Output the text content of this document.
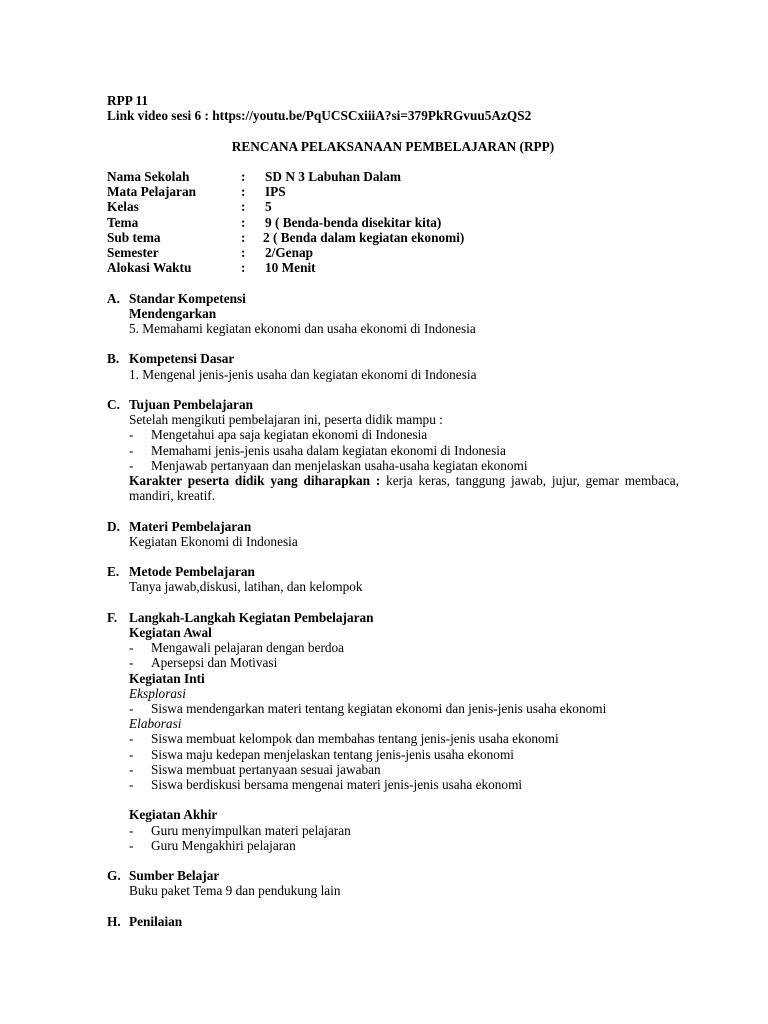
RPP 11
Link video sesi 6 : https://youtu.be/PqUCSCxiiiA?si=379PkRGvuu5AzQS2
RENCANA PELAKSANAAN PEMBELAJARAN (RPP)
Nama Sekolah	:	SD N 3 Labuhan Dalam
Mata Pelajaran	:	IPS
Kelas	:	5
Tema	:	9 ( Benda-benda disekitar kita)
Sub tema	:	2 ( Benda dalam kegiatan ekonomi)
Semester	:	2/Genap
Alokasi Waktu	:	10 Menit
A. Standar Kompetensi
Mendengarkan
5. Memahami kegiatan ekonomi dan usaha ekonomi di Indonesia
B. Kompetensi Dasar
1. Mengenal jenis-jenis usaha dan kegiatan ekonomi di Indonesia
C. Tujuan Pembelajaran
Setelah mengikuti pembelajaran ini, peserta didik mampu :
-	Mengetahui apa saja kegiatan ekonomi di Indonesia
-	Memahami jenis-jenis usaha dalam kegiatan ekonomi di Indonesia
-	Menjawab pertanyaan dan menjelaskan usaha-usaha kegiatan ekonomi
Karakter peserta didik yang diharapkan : kerja keras, tanggung jawab, jujur, gemar membaca, mandiri, kreatif.
D. Materi Pembelajaran
Kegiatan Ekonomi di Indonesia
E. Metode Pembelajaran
Tanya jawab,diskusi, latihan, dan kelompok
F. Langkah-Langkah Kegiatan Pembelajaran
Kegiatan Awal
-	Mengawali pelajaran dengan berdoa
-	Apersepsi dan Motivasi
Kegiatan Inti
Eksplorasi
-	Siswa mendengarkan materi tentang kegiatan ekonomi dan jenis-jenis usaha ekonomi
Elaborasi
-	Siswa membuat kelompok dan membahas tentang jenis-jenis usaha ekonomi
-	Siswa maju kedepan menjelaskan tentang jenis-jenis usaha ekonomi
-	Siswa membuat pertanyaan sesuai jawaban
-	Siswa berdiskusi bersama mengenai materi jenis-jenis usaha ekonomi
Kegiatan Akhir
-	Guru menyimpulkan materi pelajaran
-	Guru Mengakhiri pelajaran
G. Sumber Belajar
Buku paket Tema 9 dan pendukung lain
H. Penilaian
